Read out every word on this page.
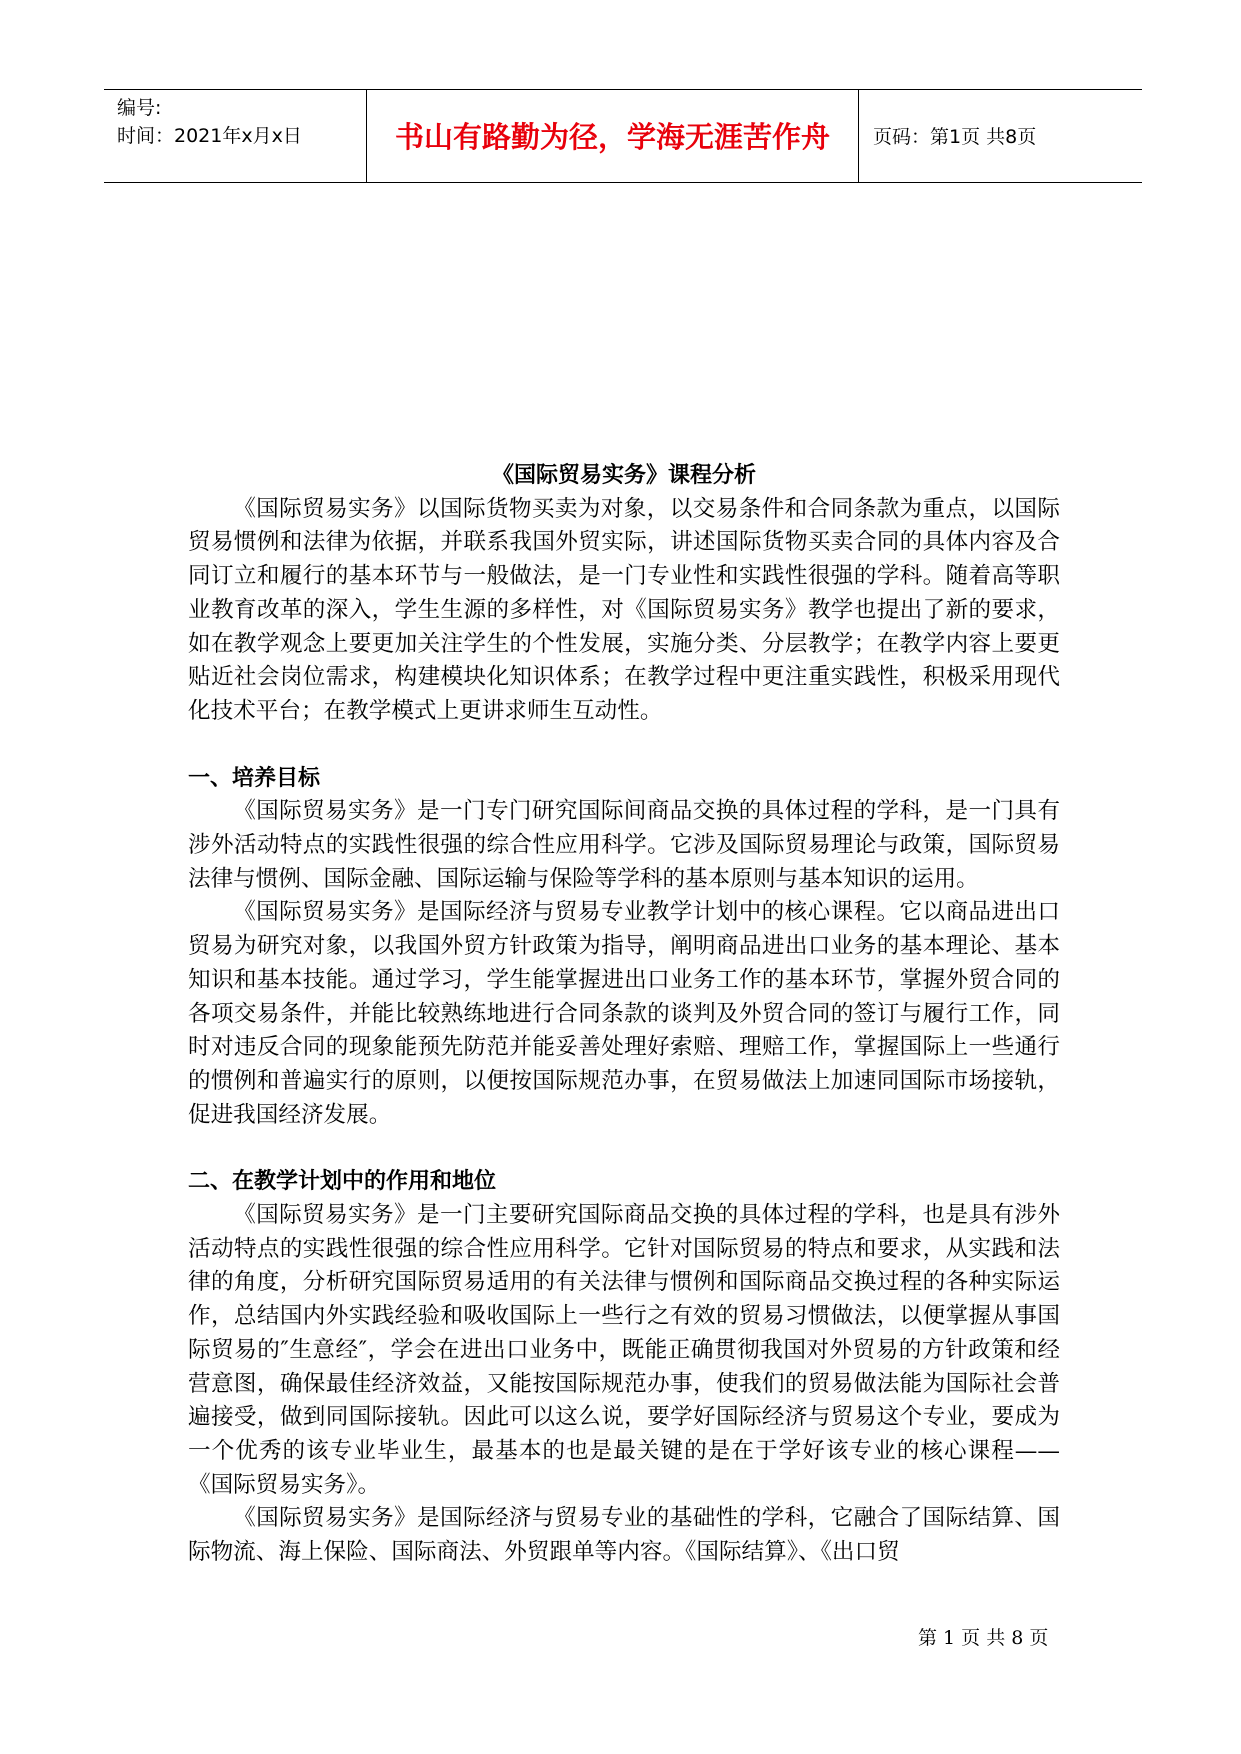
编号:
时间：2021年x月x日	书山有路勤为径，学海无涯苦作舟	页码：第1页 共8页

《国际贸易实务》课程分析

《国际贸易实务》以国际货物买卖为对象，以交易条件和合同条款为重点，以国际贸易惯例和法律为依据，并联系我国外贸实际，讲述国际货物买卖合同的具体内容及合同订立和履行的基本环节与一般做法，是一门专业性和实践性很强的学科。随着高等职业教育改革的深入，学生生源的多样性，对《国际贸易实务》教学也提出了新的要求，如在教学观念上要更加关注学生的个性发展，实施分类、分层教学；在教学内容上要更贴近社会岗位需求，构建模块化知识体系；在教学过程中更注重实践性，积极采用现代化技术平台；在教学模式上更讲求师生互动性。

一、培养目标

《国际贸易实务》是一门专门研究国际间商品交换的具体过程的学科，是一门具有涉外活动特点的实践性很强的综合性应用科学。它涉及国际贸易理论与政策，国际贸易法律与惯例、国际金融、国际运输与保险等学科的基本原则与基本知识的运用。

《国际贸易实务》是国际经济与贸易专业教学计划中的核心课程。它以商品进出口贸易为研究对象，以我国外贸方针政策为指导，阐明商品进出口业务的基本理论、基本知识和基本技能。通过学习，学生能掌握进出口业务工作的基本环节，掌握外贸合同的各项交易条件，并能比较熟练地进行合同条款的谈判及外贸合同的签订与履行工作，同时对违反合同的现象能预先防范并能妥善处理好索赔、理赔工作，掌握国际上一些通行的惯例和普遍实行的原则，以便按国际规范办事，在贸易做法上加速同国际市场接轨，促进我国经济发展。

二、在教学计划中的作用和地位

《国际贸易实务》是一门主要研究国际商品交换的具体过程的学科，也是具有涉外活动特点的实践性很强的综合性应用科学。它针对国际贸易的特点和要求，从实践和法律的角度，分析研究国际贸易适用的有关法律与惯例和国际商品交换过程的各种实际运作，总结国内外实践经验和吸收国际上一些行之有效的贸易习惯做法，以便掌握从事国际贸易的″生意经″，学会在进出口业务中，既能正确贯彻我国对外贸易的方针政策和经营意图，确保最佳经济效益，又能按国际规范办事，使我们的贸易做法能为国际社会普遍接受，做到同国际接轨。因此可以这么说，要学好国际经济与贸易这个专业，要成为一个优秀的该专业毕业生，最基本的也是最关键的是在于学好该专业的核心课程——《国际贸易实务》。

《国际贸易实务》是国际经济与贸易专业的基础性的学科，它融合了国际结算、国际物流、海上保险、国际商法、外贸跟单等内容。《国际结算》、《出口贸

第 1 页 共 8 页
